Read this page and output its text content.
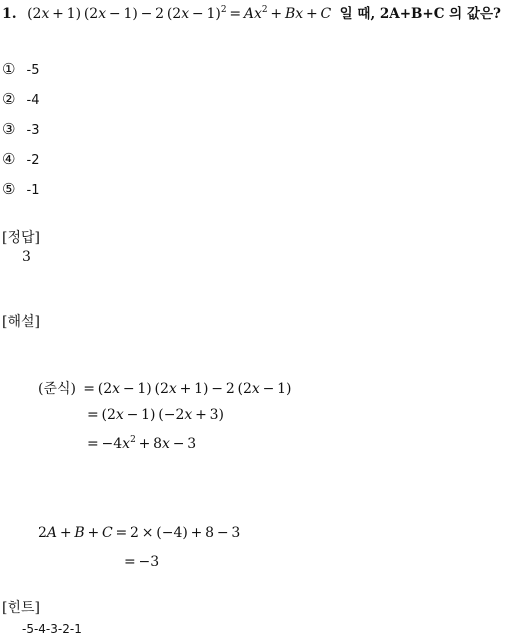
1. (2x + 1) (2x − 1) − 2 $(2x - 1)^2 = Ax^2 + Bx + C$ 일 때, 2A+B+C 의 값은?
① -5
② -4
③ -3
④ -2
⑤ -1
[정답]
3
[해설]
(준식)  = (2x − 1) (2x + 1) − 2 (2x − 1)
= (2x − 1) (−2x + 3)
= $-4x^2 + 8x - 3$
2A + B + C = 2 × (−4) + 8 − 3
= −3
[힌트]
-5-4-3-2-1
